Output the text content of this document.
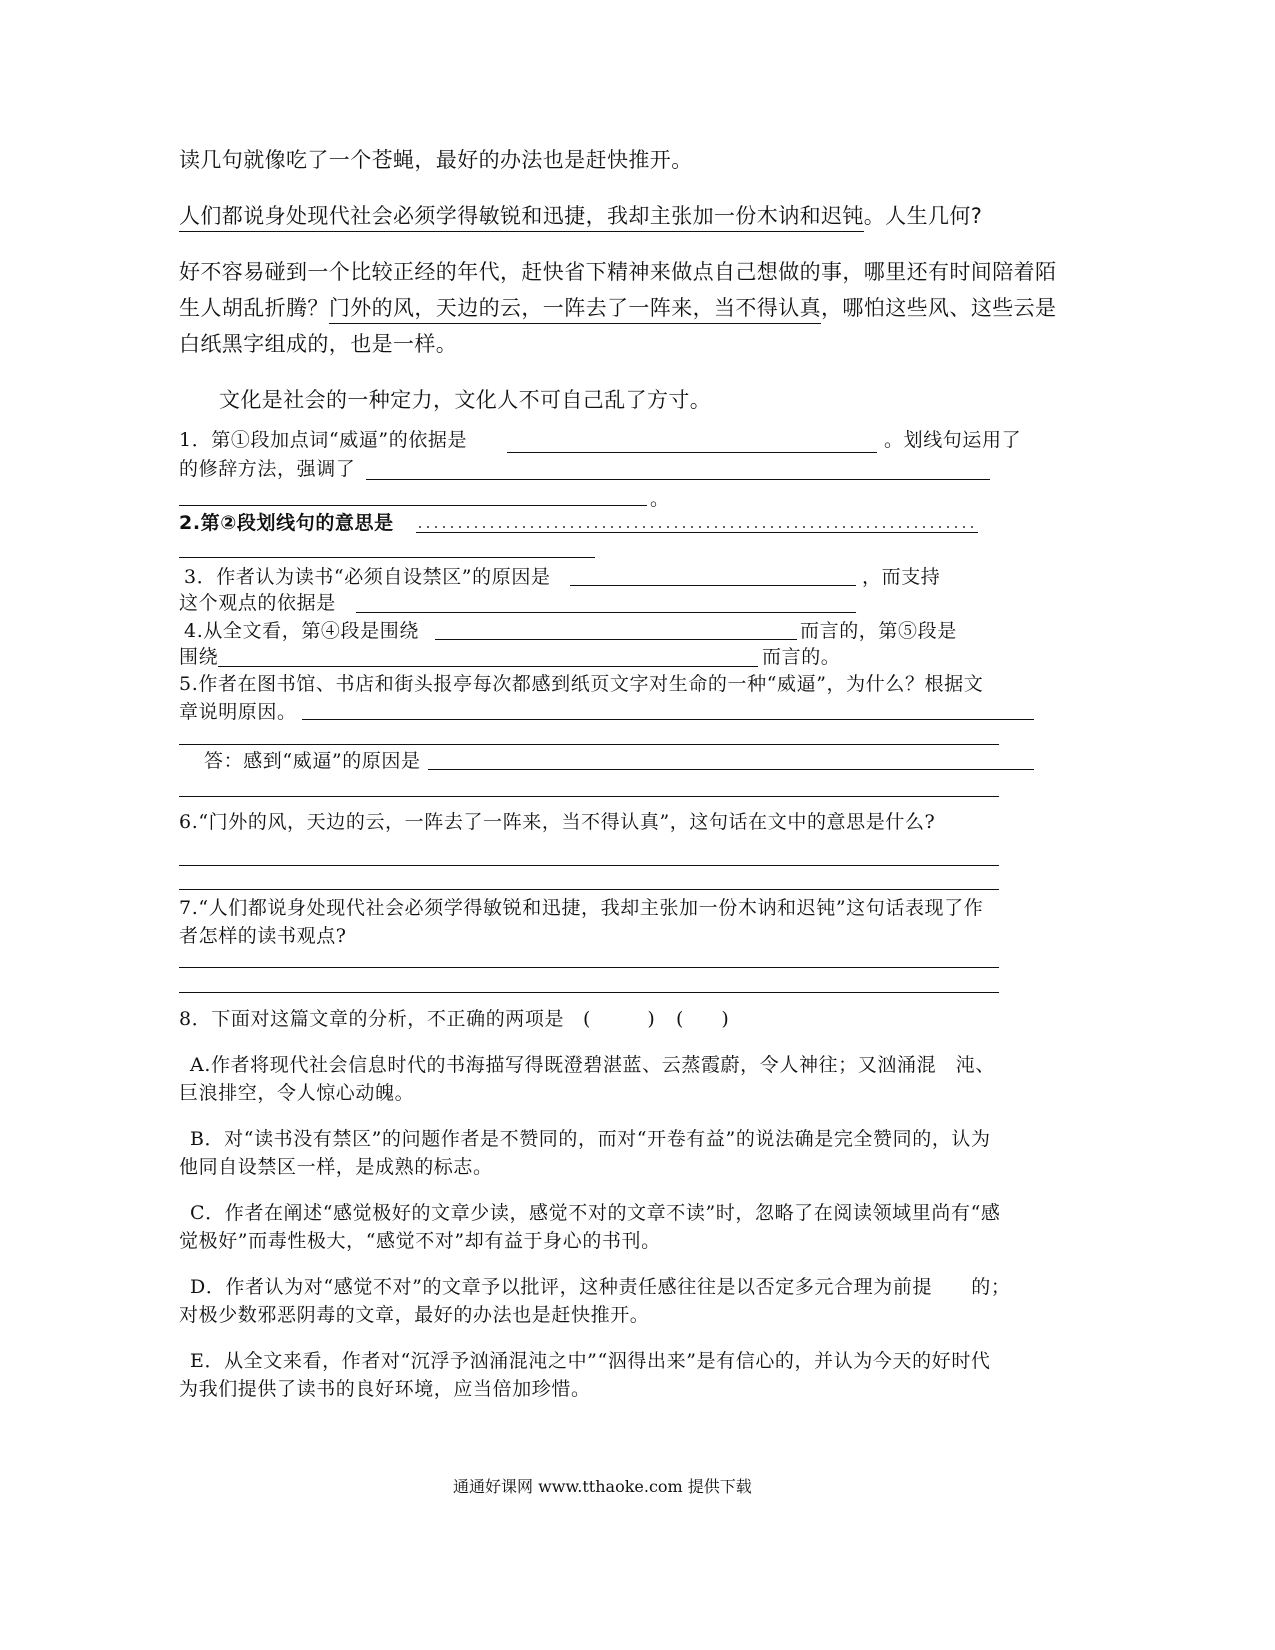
读几句就像吃了一个苍蝇，最好的办法也是赶快推开。
人们都说身处现代社会必须学得敏锐和迅捷，我却主张加一份木讷和迟钝。人生几何?
好不容易碰到一个比较正经的年代，赶快省下精神来做点自己想做的事，哪里还有时间陪着陌
生人胡乱折腾？门外的风，天边的云，一阵去了一阵来，当不得认真，哪怕这些风、这些云是
白纸黑字组成的，也是一样。
文化是社会的一种定力，文化人不可自己乱了方寸。
1．第①段加点词“威逼”的依据是	。划线句运用了
的修辞方法，强调了
。
2.第②段划线句的意思是
3．作者认为读书“必须自设禁区”的原因是	，而支持
这个观点的依据是
4.从全文看，第④段是围绕	而言的，第⑤段是
围绕	而言的。
5.作者在图书馆、书店和街头报亭每次都感到纸页文字对生命的一种“威逼”，为什么？根据文
章说明原因。
答：感到“威逼”的原因是
6.“门外的风，天边的云，一阵去了一阵来，当不得认真”，这句话在文中的意思是什么?
7.“人们都说身处现代社会必须学得敏锐和迅捷，我却主张加一份木讷和迟钝”这句话表现了作
者怎样的读书观点?
8．下面对这篇文章的分析，不正确的两项是 (　　　) (　　)
A.作者将现代社会信息时代的书海描写得既澄碧湛蓝、云蒸霞蔚，令人神往；又汹涌混　沌、
巨浪排空，令人惊心动魄。
B．对“读书没有禁区”的问题作者是不赞同的，而对“开卷有益”的说法确是完全赞同的，认为
他同自设禁区一样，是成熟的标志。
C．作者在阐述“感觉极好的文章少读，感觉不对的文章不读”时，忽略了在阅读领域里尚有“感
觉极好”而毒性极大，“感觉不对”却有益于身心的书刊。
D．作者认为对“感觉不对”的文章予以批评，这种责任感往往是以否定多元合理为前提　　的；
对极少数邪恶阴毒的文章，最好的办法也是赶快推开。
E．从全文来看，作者对“沉浮予汹涌混沌之中”“泅得出来”是有信心的，并认为今天的好时代
为我们提供了读书的良好环境，应当倍加珍惜。
通通好课网 www.tthaoke.com 提供下载
